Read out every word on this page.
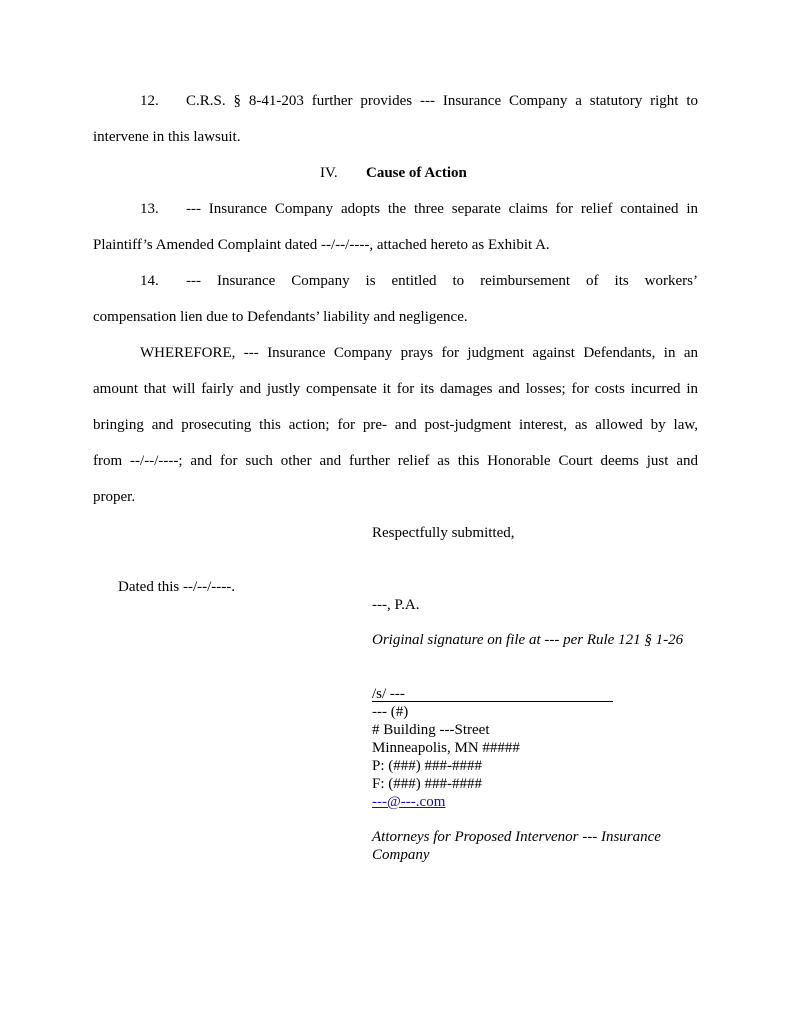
12. C.R.S. § 8-41-203 further provides --- Insurance Company a statutory right to
intervene in this lawsuit.
IV. Cause of Action
13. --- Insurance Company adopts the three separate claims for relief contained in
Plaintiff’s Amended Complaint dated --/--/----, attached hereto as Exhibit A.
14. --- Insurance Company is entitled to reimbursement of its workers’
compensation lien due to Defendants’ liability and negligence.
WHEREFORE, --- Insurance Company prays for judgment against Defendants, in an
amount that will fairly and justly compensate it for its damages and losses; for costs incurred in
bringing and prosecuting this action; for pre- and post-judgment interest, as allowed by law,
from --/--/----; and for such other and further relief as this Honorable Court deems just and
proper.
Respectfully submitted,
Dated this --/--/----.
---, P.A.
Original signature on file at --- per Rule 121 § 1-26
/s/ ---
--- (#)
# Building ---Street
Minneapolis, MN #####
P: (###) ###-####
F: (###) ###-####
---@---.com
Attorneys for Proposed Intervenor --- Insurance
Company
